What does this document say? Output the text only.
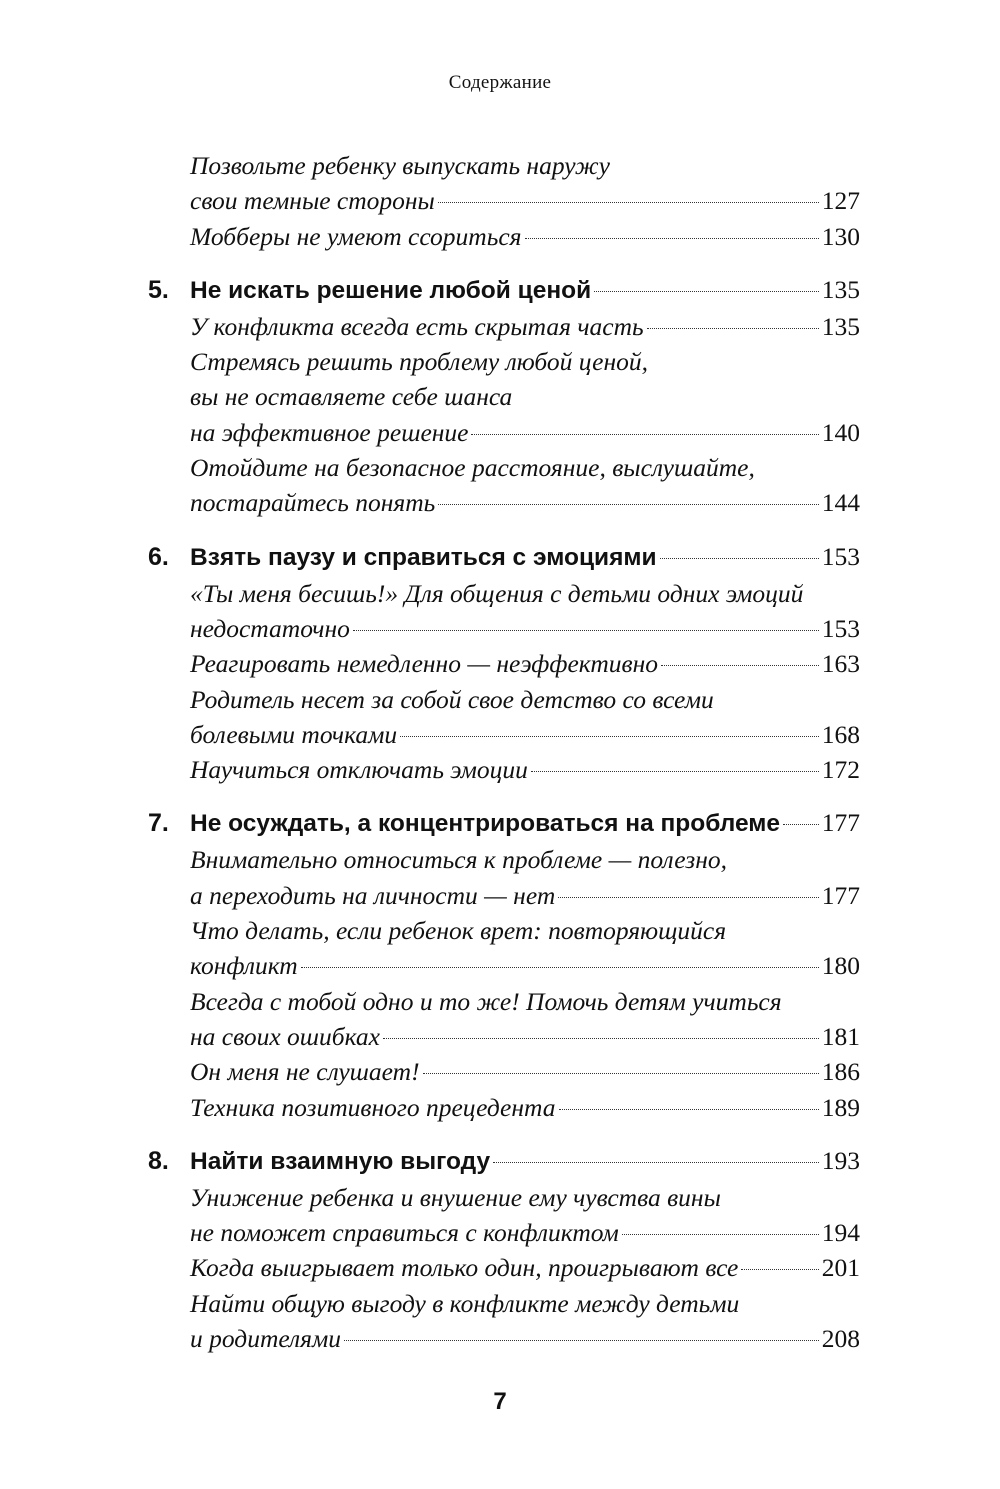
Содержание
Позвольте ребенку выпускать наружу
свои темные стороны	127
Мобберы не умеют ссориться	130
5. Не искать решение любой ценой	135
У конфликта всегда есть скрытая часть	135
Стремясь решить проблему любой ценой,
вы не оставляете себе шанса
на эффективное решение	140
Отойдите на безопасное расстояние, выслушайте,
постарайтесь понять	144
6. Взять паузу и справиться с эмоциями	153
«Ты меня бесишь!» Для общения с детьми одних эмоций
недостаточно	153
Реагировать немедленно — неэффективно	163
Родитель несет за собой свое детство со всеми
болевыми точками	168
Научиться отключать эмоции	172
7. Не осуждать, а концентрироваться на проблеме 177
Внимательно относиться к проблеме — полезно,
а переходить на личности — нет	177
Что делать, если ребенок врет: повторяющийся
конфликт	180
Всегда с тобой одно и то же! Помочь детям учиться
на своих ошибках	181
Он меня не слушает!	186
Техника позитивного прецедента	189
8. Найти взаимную выгоду	193
Унижение ребенка и внушение ему чувства вины
не поможет справиться с конфликтом	194
Когда выигрывает только один, проигрывают все	201
Найти общую выгоду в конфликте между детьми
и родителями	208
7
